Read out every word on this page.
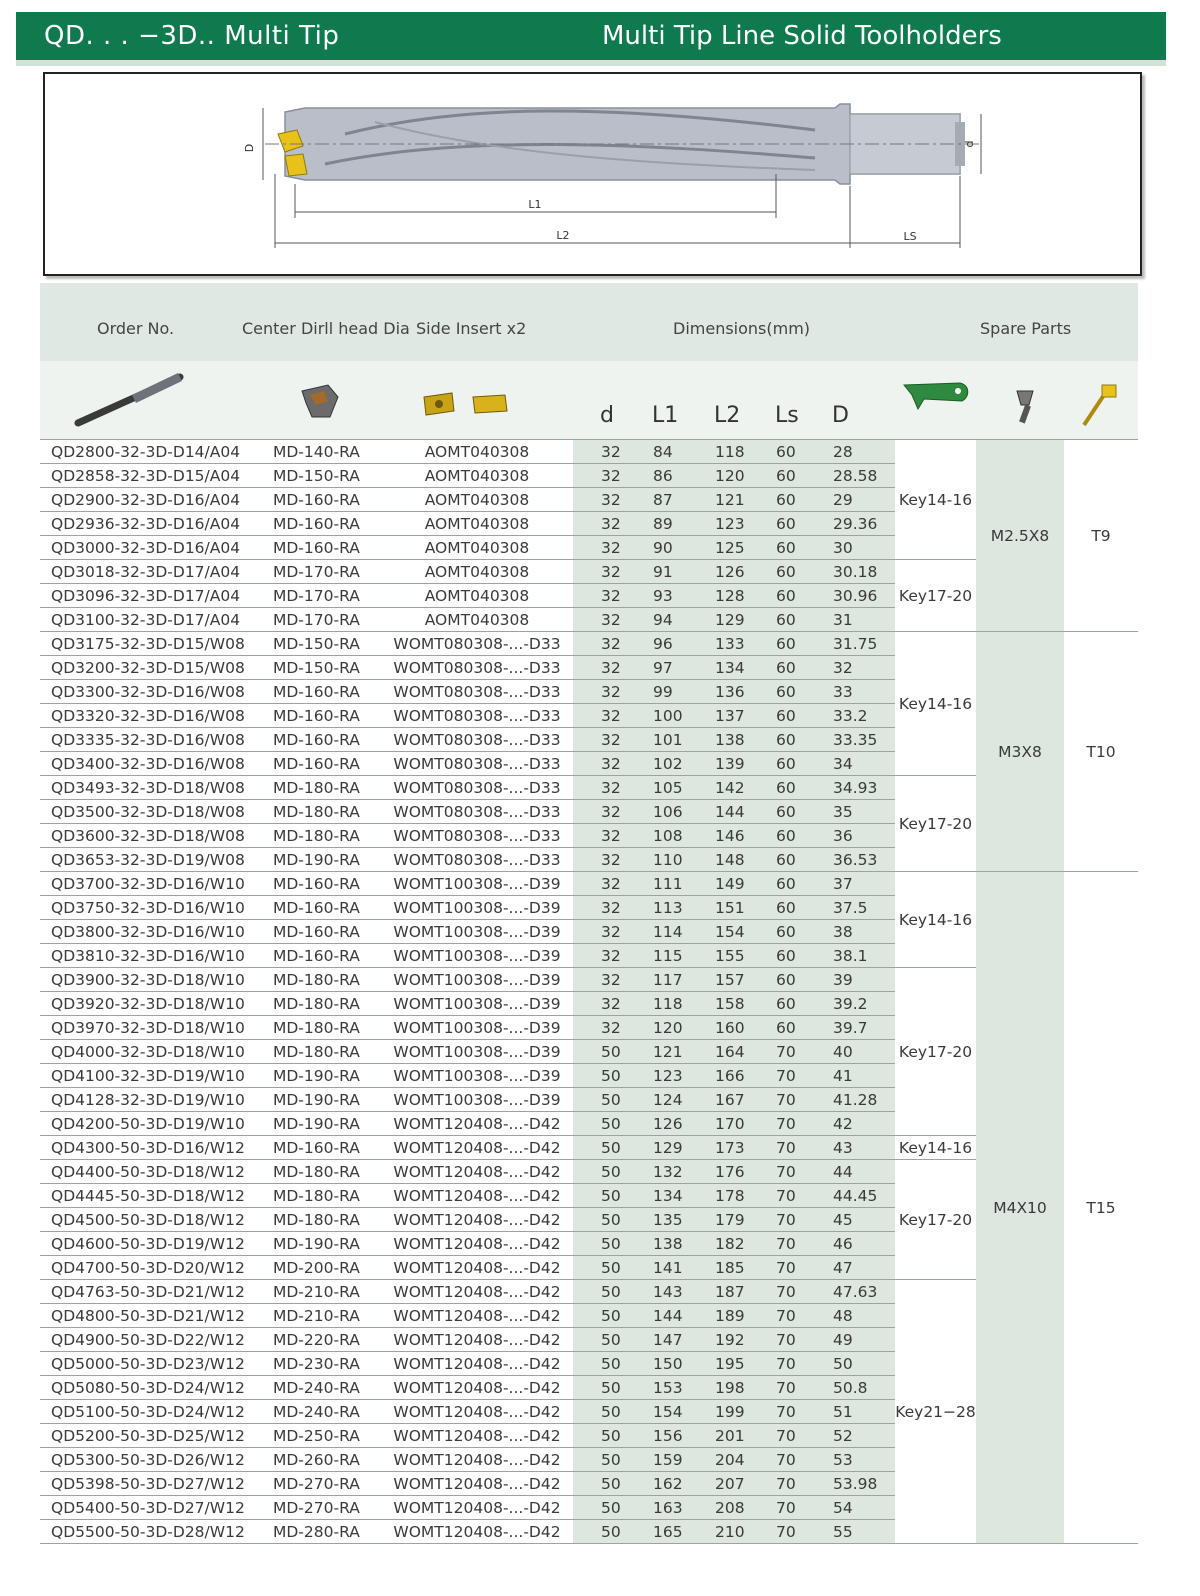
QD. . . −3D.. Multi Tip	Multi Tip Line Solid Toolholders
D	d
L1
L2	LS
Order No.	Center Dirll head Dia Side Insert x2	Dimensions(mm)	Spare Parts
d L1 L2 Ls D
QD2800-32-3D-D14/A04	MD-140-RA	AOMT040308	32 84 118 60 28	Key14-16	M2.5X8	T9
QD2858-32-3D-D15/A04	MD-150-RA	AOMT040308	32 86 120 60 28.58			

QD2900-32-3D-D16/A04	MD-160-RA	AOMT040308	32 87 121 60 29			

QD2936-32-3D-D16/A04	MD-160-RA	AOMT040308	32 89 123 60 29.36			

QD3000-32-3D-D16/A04	MD-160-RA	AOMT040308	32 90 125 60 30			

QD3018-32-3D-D17/A04	MD-170-RA	AOMT040308	32 91 126 60 30.18	Key17-20		
QD3096-32-3D-D17/A04	MD-170-RA	AOMT040308	32 93 128 60 30.96			

QD3100-32-3D-D17/A04	MD-170-RA	AOMT040308	32 94 129 60 31			

QD3175-32-3D-D15/W08	MD-150-RA	WOMT080308-...-D33	32 96 133 60 31.75	Key14-16	M3X8	T10
QD3200-32-3D-D15/W08	MD-150-RA	WOMT080308-...-D33	32 97 134 60 32			

QD3300-32-3D-D16/W08	MD-160-RA	WOMT080308-...-D33	32 99 136 60 33			

QD3320-32-3D-D16/W08	MD-160-RA	WOMT080308-...-D33	32 100 137 60 33.2			

QD3335-32-3D-D16/W08	MD-160-RA	WOMT080308-...-D33	32 101 138 60 33.35			

QD3400-32-3D-D16/W08	MD-160-RA	WOMT080308-...-D33	32 102 139 60 34			

QD3493-32-3D-D18/W08	MD-180-RA	WOMT080308-...-D33	32 105 142 60 34.93	Key17-20		
QD3500-32-3D-D18/W08	MD-180-RA	WOMT080308-...-D33	32 106 144 60 35			

QD3600-32-3D-D18/W08	MD-180-RA	WOMT080308-...-D33	32 108 146 60 36			

QD3653-32-3D-D19/W08	MD-190-RA	WOMT080308-...-D33	32 110 148 60 36.53			

QD3700-32-3D-D16/W10	MD-160-RA	WOMT100308-...-D39	32 111 149 60 37	Key14-16	M4X10	T15
QD3750-32-3D-D16/W10	MD-160-RA	WOMT100308-...-D39	32 113 151 60 37.5			

QD3800-32-3D-D16/W10	MD-160-RA	WOMT100308-...-D39	32 114 154 60 38			

QD3810-32-3D-D16/W10	MD-160-RA	WOMT100308-...-D39	32 115 155 60 38.1			

QD3900-32-3D-D18/W10	MD-180-RA	WOMT100308-...-D39	32 117 157 60 39	Key17-20		
QD3920-32-3D-D18/W10	MD-180-RA	WOMT100308-...-D39	32 118 158 60 39.2			

QD3970-32-3D-D18/W10	MD-180-RA	WOMT100308-...-D39	32 120 160 60 39.7			

QD4000-32-3D-D18/W10	MD-180-RA	WOMT100308-...-D39	50 121 164 70 40			

QD4100-32-3D-D19/W10	MD-190-RA	WOMT100308-...-D39	50 123 166 70 41			

QD4128-32-3D-D19/W10	MD-190-RA	WOMT100308-...-D39	50 124 167 70 41.28			

QD4200-50-3D-D19/W10	MD-190-RA	WOMT120408-...-D42	50 126 170 70 42			

QD4300-50-3D-D16/W12	MD-160-RA	WOMT120408-...-D42	50 129 173 70 43	Key14-16		
QD4400-50-3D-D18/W12	MD-180-RA	WOMT120408-...-D42	50 132 176 70 44	Key17-20		
QD4445-50-3D-D18/W12	MD-180-RA	WOMT120408-...-D42	50 134 178 70 44.45			

QD4500-50-3D-D18/W12	MD-180-RA	WOMT120408-...-D42	50 135 179 70 45			

QD4600-50-3D-D19/W12	MD-190-RA	WOMT120408-...-D42	50 138 182 70 46			

QD4700-50-3D-D20/W12	MD-200-RA	WOMT120408-...-D42	50 141 185 70 47			

QD4763-50-3D-D21/W12	MD-210-RA	WOMT120408-...-D42	50 143 187 70 47.63	Key21−28		
QD4800-50-3D-D21/W12	MD-210-RA	WOMT120408-...-D42	50 144 189 70 48			

QD4900-50-3D-D22/W12	MD-220-RA	WOMT120408-...-D42	50 147 192 70 49			

QD5000-50-3D-D23/W12	MD-230-RA	WOMT120408-...-D42	50 150 195 70 50			

QD5080-50-3D-D24/W12	MD-240-RA	WOMT120408-...-D42	50 153 198 70 50.8			

QD5100-50-3D-D24/W12	MD-240-RA	WOMT120408-...-D42	50 154 199 70 51			

QD5200-50-3D-D25/W12	MD-250-RA	WOMT120408-...-D42	50 156 201 70 52			

QD5300-50-3D-D26/W12	MD-260-RA	WOMT120408-...-D42	50 159 204 70 53			

QD5398-50-3D-D27/W12	MD-270-RA	WOMT120408-...-D42	50 162 207 70 53.98			

QD5400-50-3D-D27/W12	MD-270-RA	WOMT120408-...-D42	50 163 208 70 54			

QD5500-50-3D-D28/W12	MD-280-RA	WOMT120408-...-D42	50 165 210 70 55			
